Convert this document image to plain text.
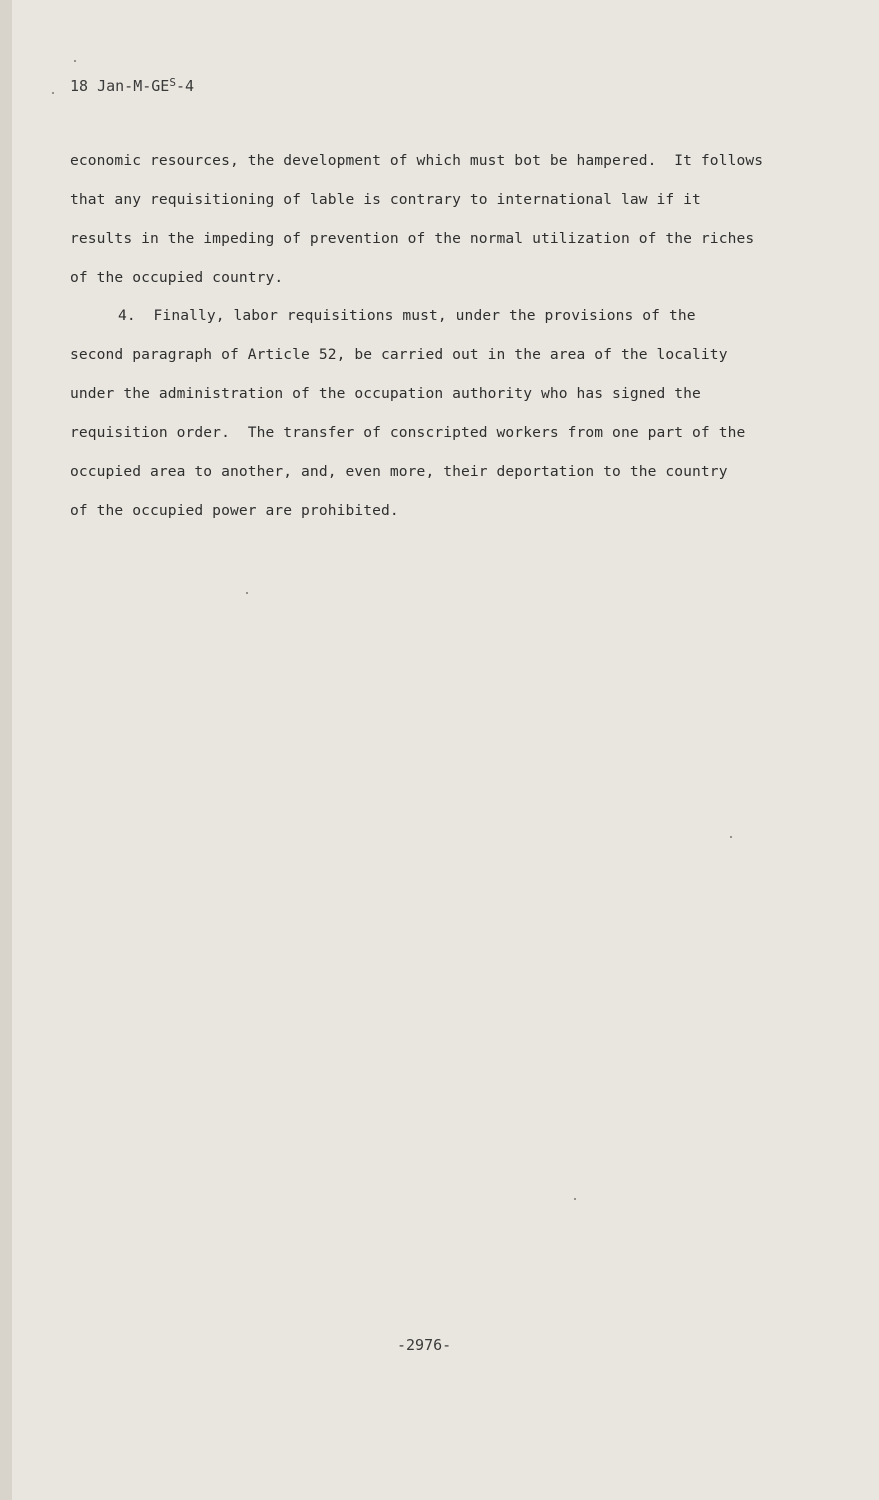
18 Jan-$M-GE^S-4$
economic resources, the development of which must bot be hampered.  It follows
that any requisitioning of lable is contrary to international law if it
results in the impeding of prevention of the normal utilization of the riches
of the occupied country.
4.  Finally, labor requisitions must, under the provisions of the
second paragraph of Article 52, be carried out in the area of the locality
under the administration of the occupation authority who has signed the
requisition order.  The transfer of conscripted workers from one part of the
occupied area to another, and, even more, their deportation to the country
of the occupied power are prohibited.
-2976-
